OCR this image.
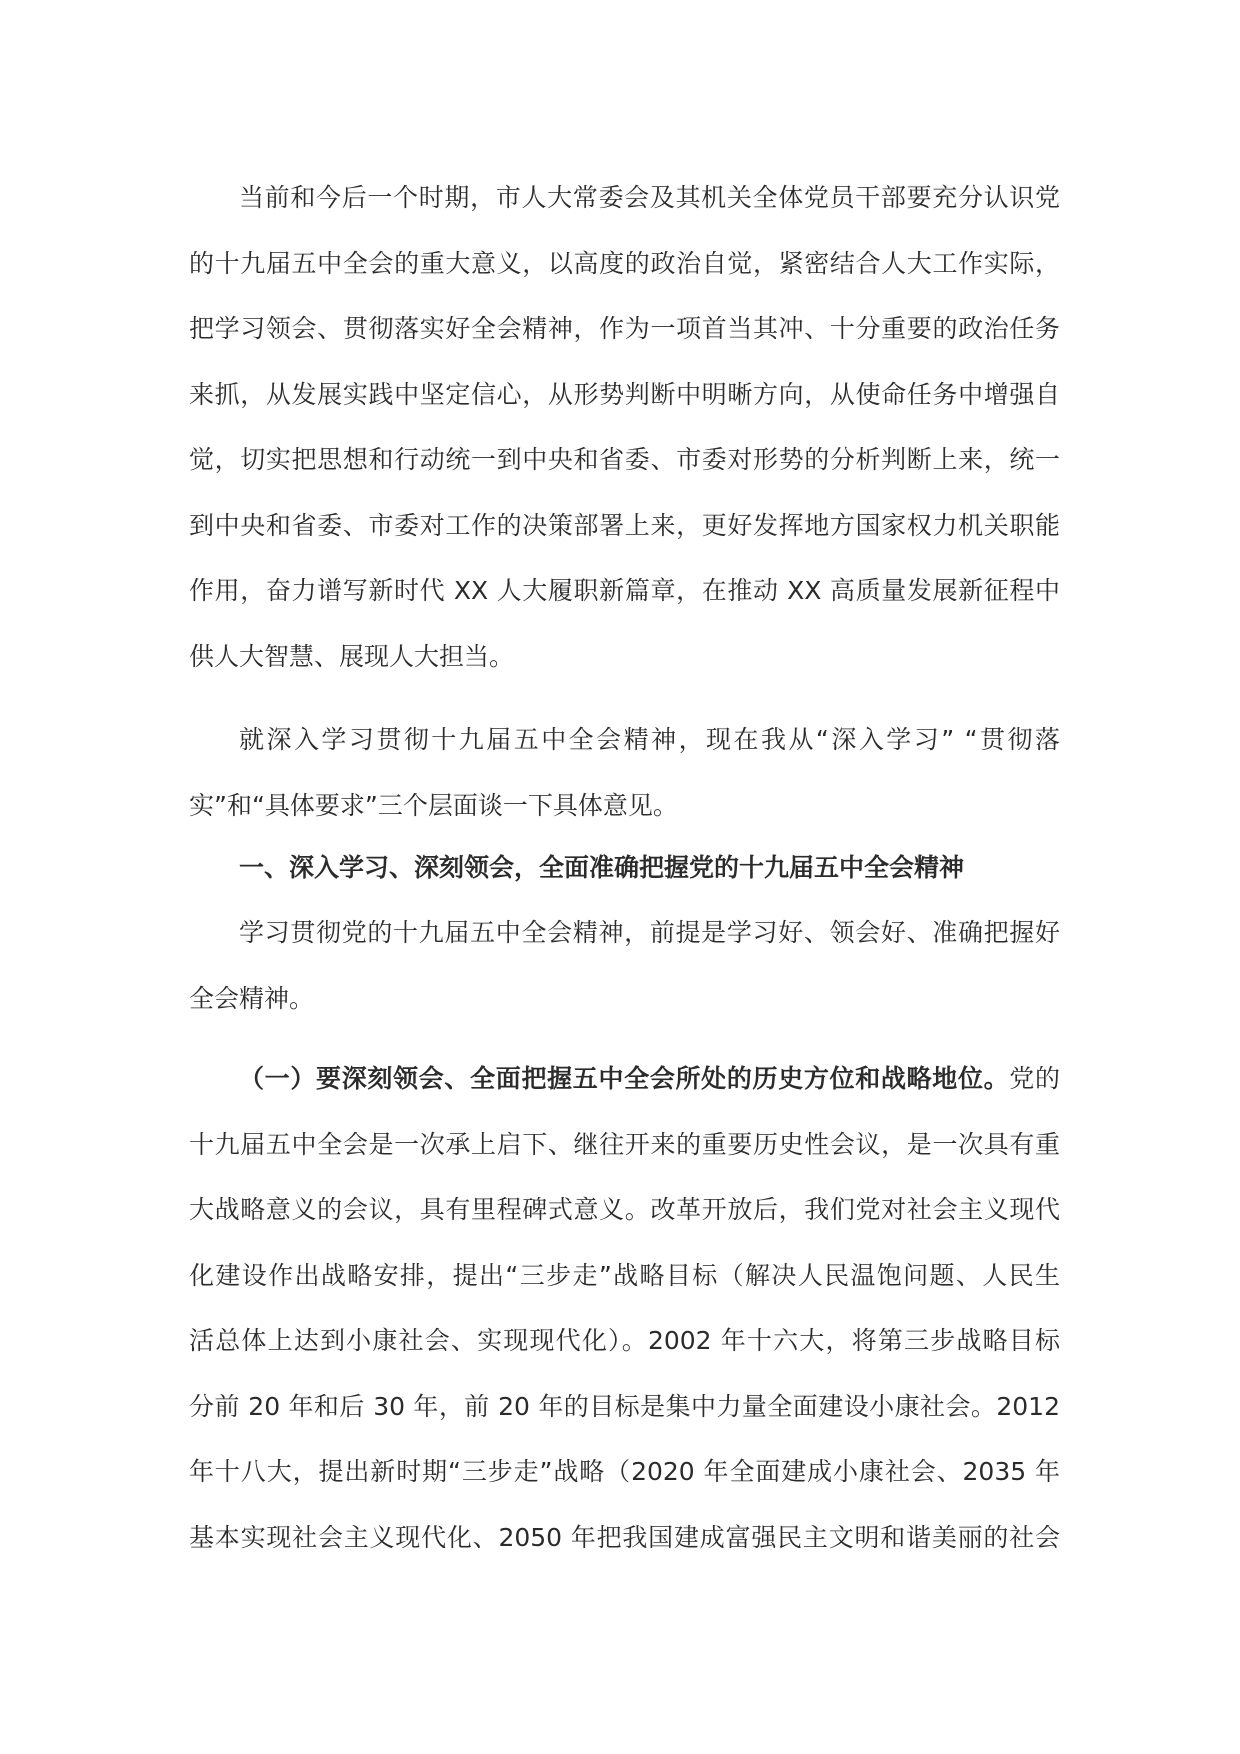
当前和今后一个时期，市人大常委会及其机关全体党员干部要充分认识党
的十九届五中全会的重大意义，以高度的政治自觉，紧密结合人大工作实际，
把学习领会、贯彻落实好全会精神，作为一项首当其冲、十分重要的政治任务
来抓，从发展实践中坚定信心，从形势判断中明晰方向，从使命任务中增强自
觉，切实把思想和行动统一到中央和省委、市委对形势的分析判断上来，统一
到中央和省委、市委对工作的决策部署上来，更好发挥地方国家权力机关职能
作用，奋力谱写新时代 XX 人大履职新篇章，在推动 XX 高质量发展新征程中
供人大智慧、展现人大担当。
就深入学习贯彻十九届五中全会精神，现在我从“深入学习” “贯彻落
实”和“具体要求”三个层面谈一下具体意见。
一、深入学习、深刻领会，全面准确把握党的十九届五中全会精神
学习贯彻党的十九届五中全会精神，前提是学习好、领会好、准确把握好
全会精神。
（一）要深刻领会、全面把握五中全会所处的历史方位和战略地位。党的
十九届五中全会是一次承上启下、继往开来的重要历史性会议，是一次具有重
大战略意义的会议，具有里程碑式意义。改革开放后，我们党对社会主义现代
化建设作出战略安排，提出“三步走”战略目标（解决人民温饱问题、人民生
活总体上达到小康社会、实现现代化）。2002 年十六大，将第三步战略目标
分前 20 年和后 30 年，前 20 年的目标是集中力量全面建设小康社会。2012
年十八大，提出新时期“三步走”战略（2020 年全面建成小康社会、2035 年
基本实现社会主义现代化、2050 年把我国建成富强民主文明和谐美丽的社会
